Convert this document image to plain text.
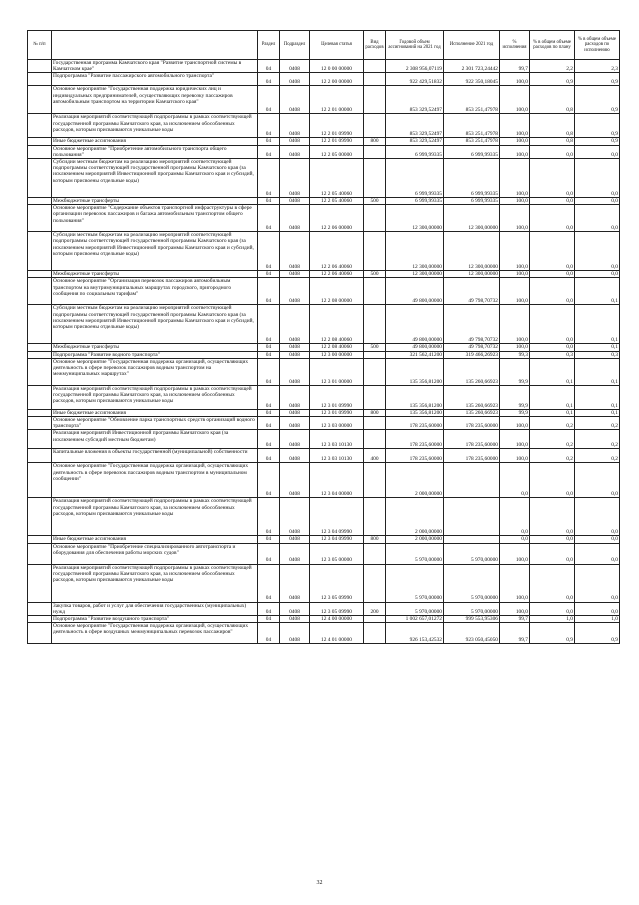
№ п/п		Раздел	Подраздел	Целевая статья	Вид расходов	Годовой объем ассигнований на 2021 год	Исполнение 2021 год	% исполнения	% в общем объеме расходов по плану	% в общем объеме расходов по исполнению
	Государственная программа Камчатского края "Развитие транспортной системы в Камчатском крае"	04	0408	12 0 00 00000		2 308 956,07119	2 301 723,24442	99,7	2,2	2,3
	Подпрограмма "Развитие пассажирского автомобильного транспорта"	04	0408	12 2 00 00000		922 429,51832	922 350,18045	100,0	0,9	0,9
	Основное мероприятие "Государственная поддержка юридических лиц и индивидуальных предпринимателей, осуществляющих перевозку пассажиров автомобильным транспортом на территории Камчатского края"	04	0408	12 2 01 00000		853 329,52497	853 251,47978	100,0	0,8	0,9
	Реализация мероприятий соответствующей подпрограммы в рамках соответствующей государственной программы Камчатского края, за исключением обособленных расходов, которым присваиваются уникальные коды	04	0408	12 2 01 09990		853 329,52497	853 251,47978	100,0	0,8	0,9
	Иные бюджетные ассигнования	04	0408	12 2 01 09990	800	853 329,52497	853 251,47978	100,0	0,8	0,9
	Основное мероприятие "Приобретение автомобильного транспорта общего пользования"	04	0408	12 2 05 00000		6 999,99335	6 999,99335	100,0	0,0	0,0
	Субсидии местным бюджетам на реализацию мероприятий соответствующей подпрограммы соответствующей государственной программы Камчатского края (за исключением мероприятий Инвестиционной программы Камчатского края и субсидий, которым присвоены отдельные коды)	04	0408	12 2 05 40060		6 999,99335	6 999,99335	100,0	0,0	0,0
	Межбюджетные трансферты	04	0408	12 2 05 40060	500	6 999,99335	6 999,99335	100,0	0,0	0,0
	Основное мероприятие "Содержание объектов транспортной инфраструктуры в сфере организации перевозок пассажиров и багажа автомобильным транспортом общего пользования"	04	0408	12 2 06 00000		12 300,00000	12 300,00000	100,0	0,0	0,0
	Субсидии местным бюджетам на реализацию мероприятий соответствующей подпрограммы соответствующей государственной программы Камчатского края (за исключением мероприятий Инвестиционной программы Камчатского края и субсидий, которым присвоены отдельные коды)	04	0408	12 2 06 40060		12 300,00000	12 300,00000	100,0	0,0	0,0
	Межбюджетные трансферты	04	0408	12 2 06 40060	500	12 300,00000	12 300,00000	100,0	0,0	0,0
	Основное мероприятие "Организация перевозок пассажиров автомобильным транспортом на внутримуниципальных маршрутах городского, пригородного сообщения по социальным тарифам"	04	0408	12 2 08 00000		49 800,00000	49 798,70732	100,0	0,0	0,1
	Субсидии местным бюджетам на реализацию мероприятий соответствующей подпрограммы соответствующей государственной программы Камчатского края (за исключением мероприятий Инвестиционной программы Камчатского края и субсидий, которым присвоены отдельные коды)	04	0408	12 2 08 40060		49 800,00000	49 798,70732	100,0	0,0	0,1
	Межбюджетные трансферты	04	0408	12 2 08 40060	500	49 800,00000	49 798,70732	100,0	0,0	0,1
	Подпрограмма "Развитие водного транспорта"	04	0408	12 3 00 00000		321 562,41200	319 466,26923	99,3	0,3	0,3
	Основное мероприятие "Государственная поддержка организаций, осуществляющих деятельность в сфере перевозок пассажиров водным транспортом на межмуниципальных маршрутах"	04	0408	12 3 01 00000		135 356,81200	135 260,66923	99,9	0,1	0,1
	Реализация мероприятий соответствующей подпрограммы в рамках соответствующей государственной программы Камчатского края, за исключением обособленных расходов, которым присваиваются уникальные коды	04	0408	12 3 01 09990		135 356,81200	135 260,66923	99,9	0,1	0,1
	Иные бюджетные ассигнования	04	0408	12 3 01 09990	800	135 356,81200	135 260,66923	99,9	0,1	0,1
	Основное мероприятие "Обновление парка транспортных средств организаций водного транспорта"	04	0408	12 3 03 00000		178 235,60000	178 235,60000	100,0	0,2	0,2
	Реализация мероприятий Инвестиционной программы Камчатского края (за исключением субсидий местным бюджетам)	04	0408	12 3 03 10130		178 235,60000	178 235,60000	100,0	0,2	0,2
	Капитальные вложения в объекты государственной (муниципальной) собственности	04	0408	12 3 03 10130	400	178 235,60000	178 235,60000	100,0	0,2	0,2
	Основное мероприятие "Государственная поддержка организаций, осуществляющих деятельность в сфере перевозок пассажиров водным транспортом в муниципальном сообщении"	04	0408	12 3 04 00000		2 000,00000		0,0	0,0	0,0
	Реализация мероприятий соответствующей подпрограммы в рамках соответствующей государственной программы Камчатского края, за исключением обособленных расходов, которым присваиваются уникальные коды	04	0408	12 3 04 09990		2 000,00000		0,0	0,0	0,0
	Иные бюджетные ассигнования	04	0408	12 3 04 09990	800	2 000,00000		0,0	0,0	0,0
	Основное мероприятие "Приобретение специализированного автотранспорта и оборудования для обеспечения работы морских судов"	04	0408	12 3 05 00000		5 970,00000	5 970,00000	100,0	0,0	0,0
	Реализация мероприятий соответствующей подпрограммы в рамках соответствующей государственной программы Камчатского края, за исключением обособленных расходов, которым присваиваются уникальные коды	04	0408	12 3 05 09990		5 970,00000	5 970,00000	100,0	0,0	0,0
	Закупка товаров, работ и услуг для обеспечения государственных (муниципальных) нужд	04	0408	12 3 05 09990	200	5 970,00000	5 970,00000	100,0	0,0	0,0
	Подпрограмма "Развитие воздушного транспорта"	04	0408	12 4 00 00000		1 002 657,01272	999 553,95306	99,7	1,0	1,0
	Основное мероприятие "Государственная поддержка организаций, осуществляющих деятельность в сфере воздушных межмуниципальных перевозок пассажиров"	04	0408	12 4 01 00000		926 153,42532	923 050,45050	99,7	0,9	0,9
32
